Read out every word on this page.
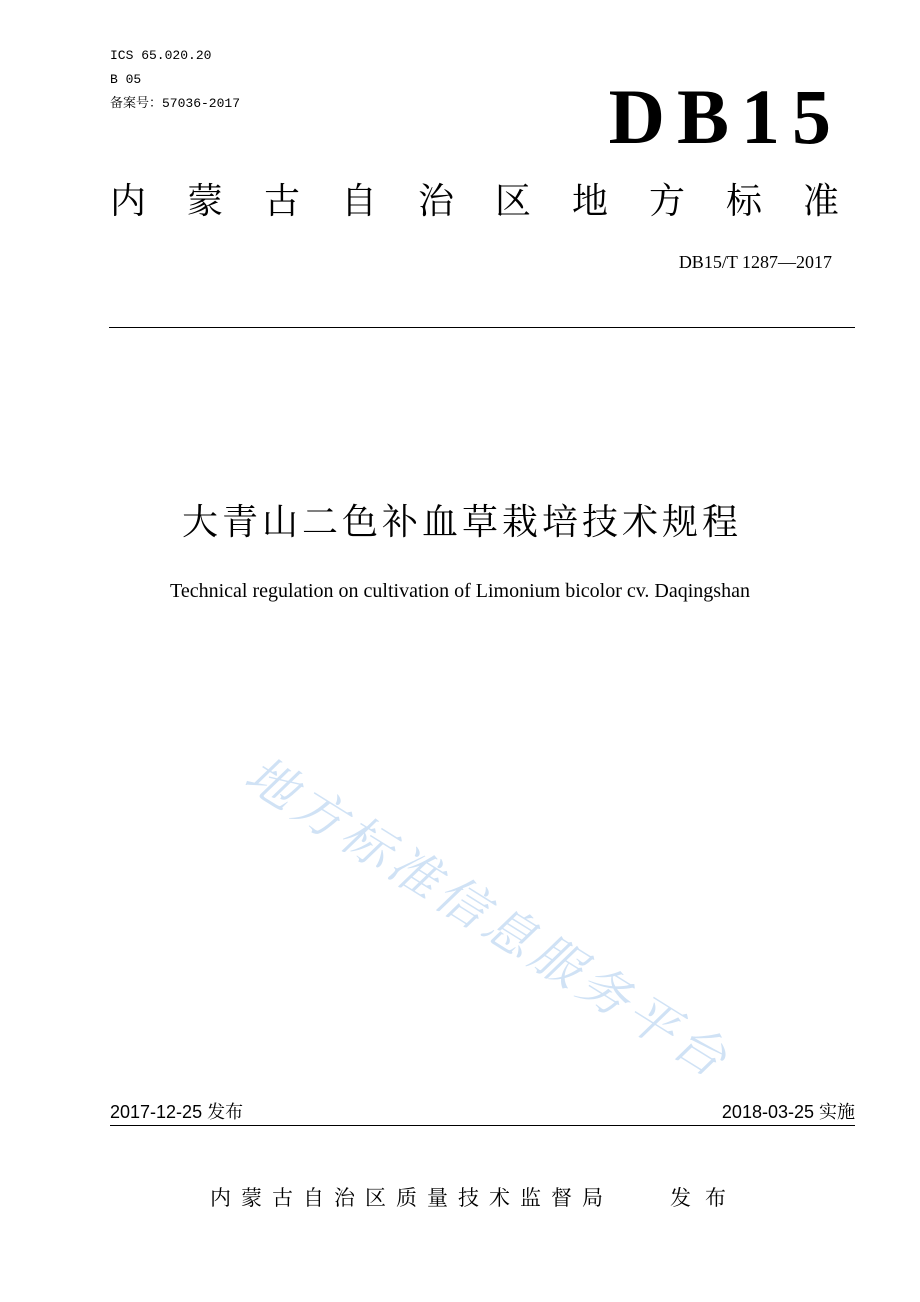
ICS 65.020.20
B 05
备案号：57036-2017	DB15
内蒙古自治区地方标准
DB15/T 1287—2017
大青山二色补血草栽培技术规程
Technical regulation on cultivation of Limonium bicolor cv. Daqingshan
地方标准信息服务平台
2017-12-25 发布	2018-03-25 实施
内蒙古自治区质量技术监督局	发布
